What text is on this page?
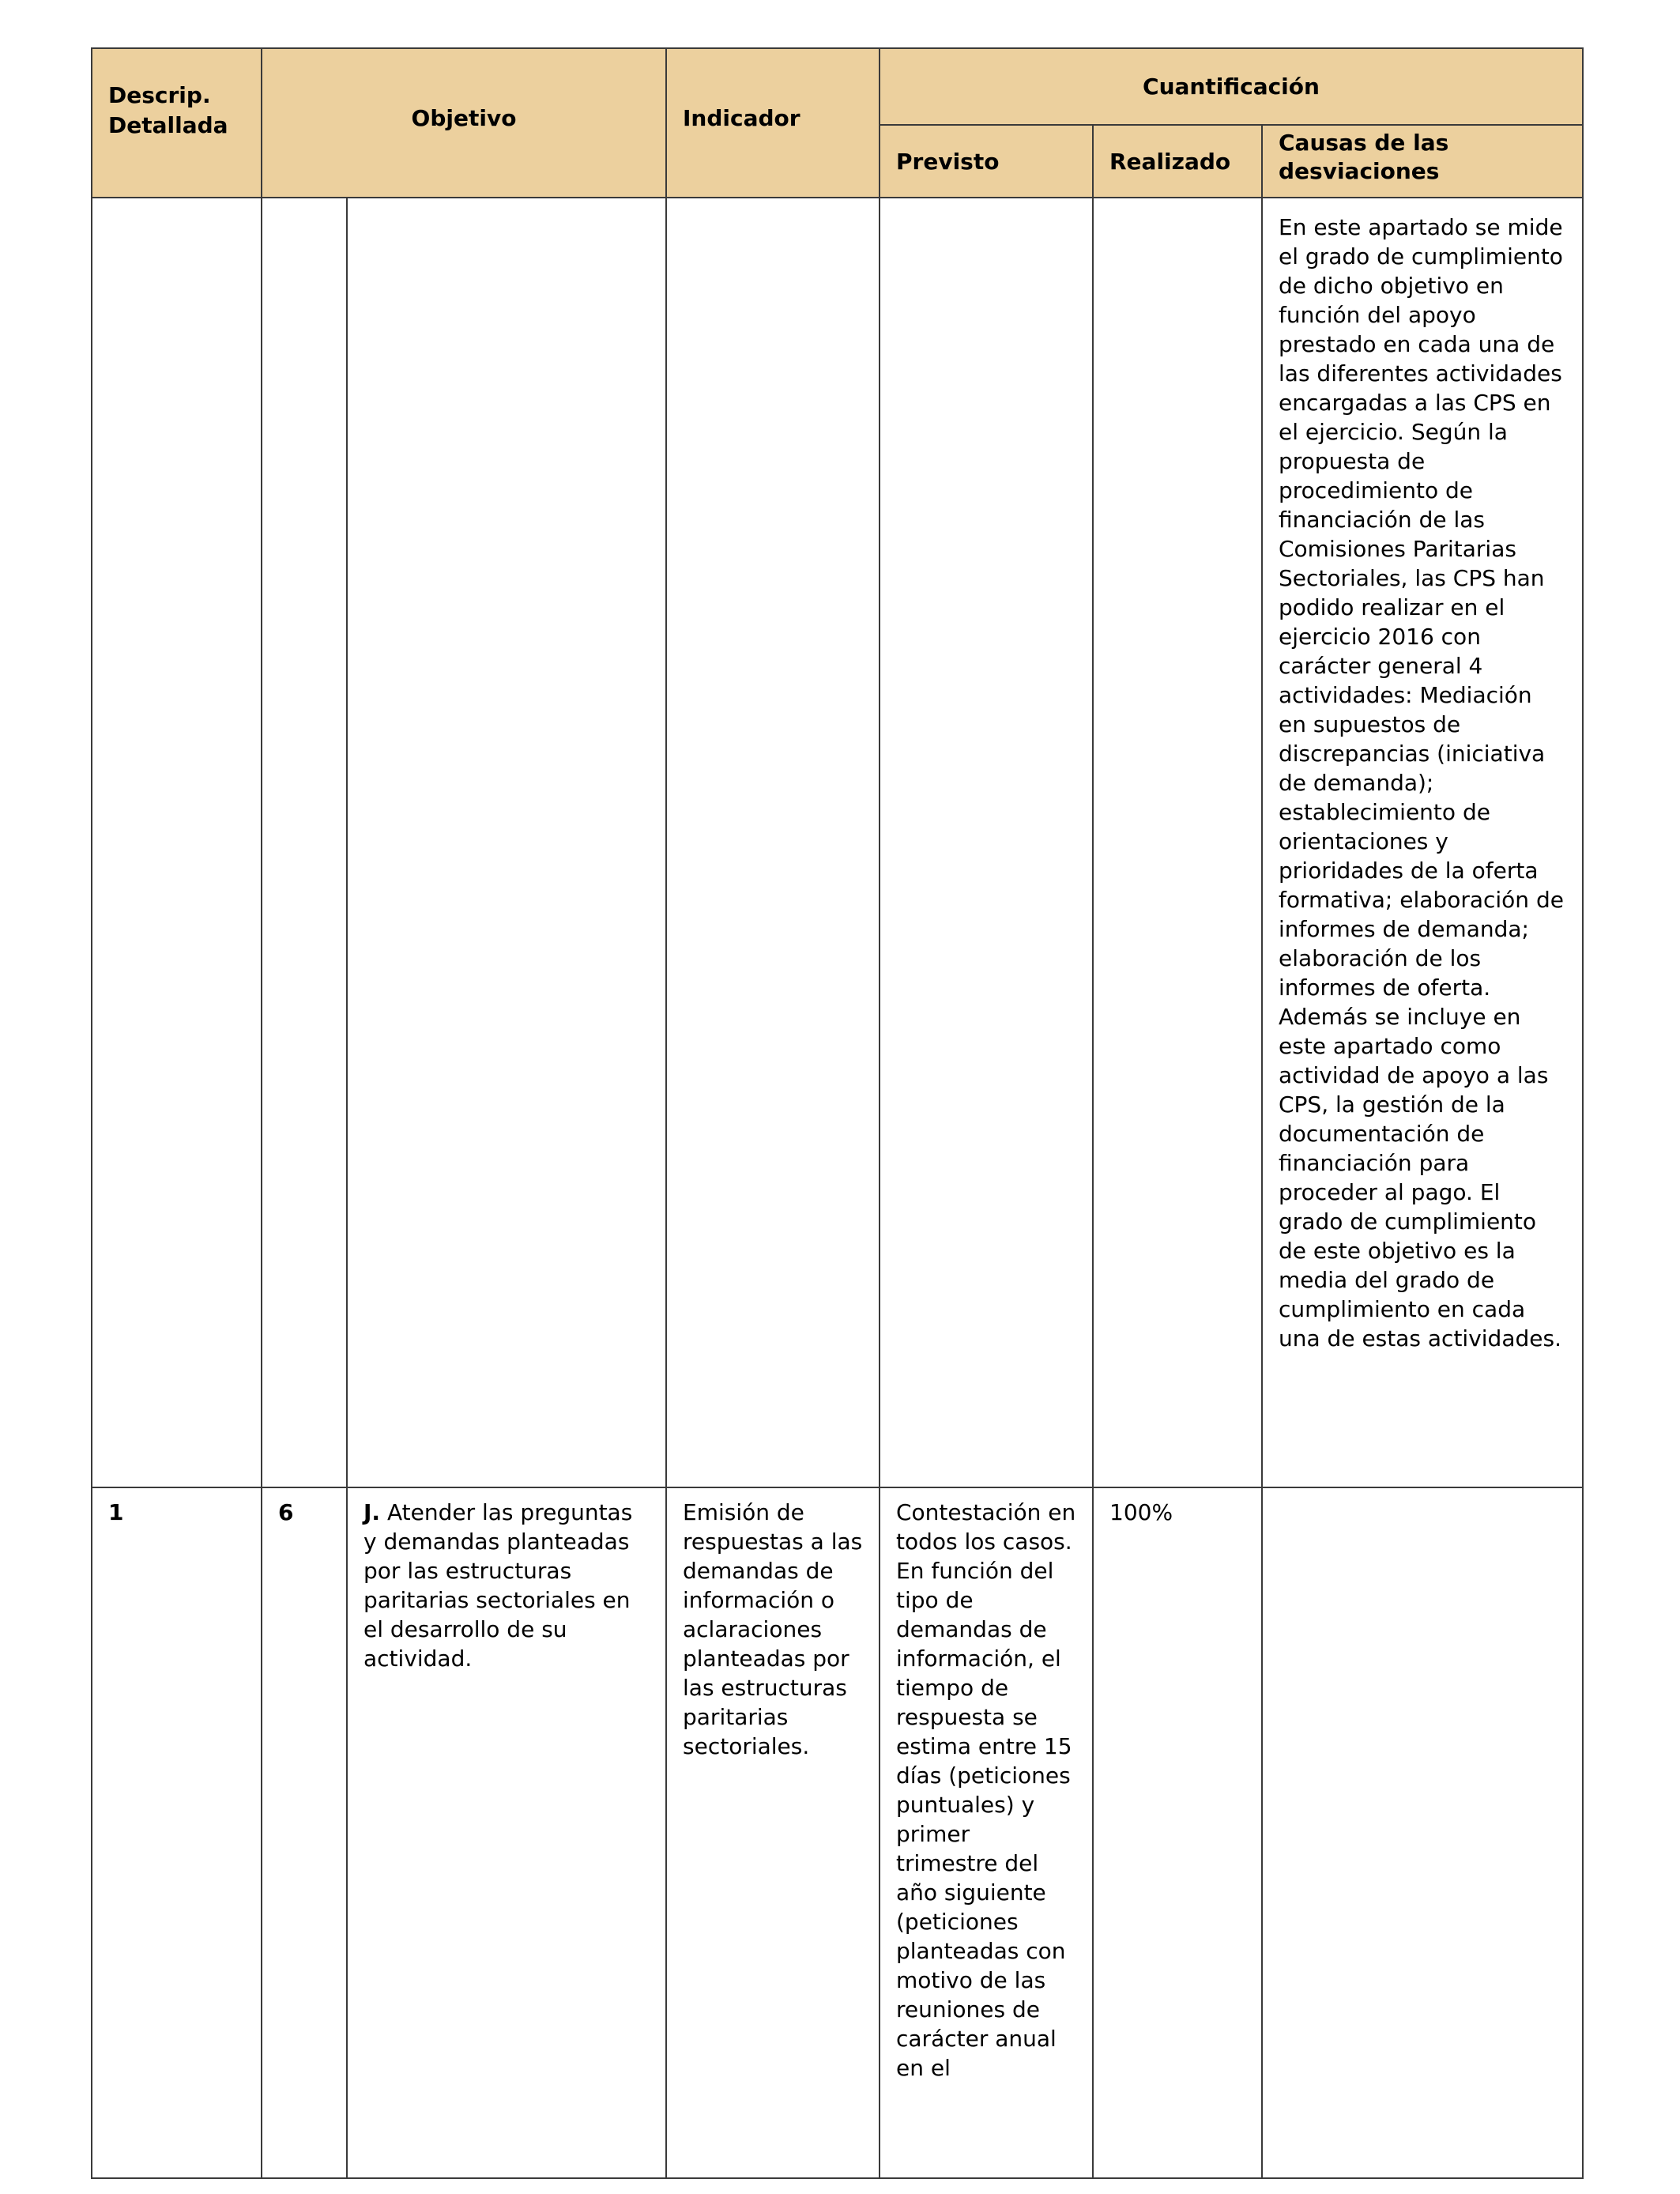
Descrip.
Detallada	Objetivo		Indicador	Cuantificación		
				Previsto	Realizado	Causas de las desviaciones
						En este apartado se mide el grado de cumplimiento de dicho objetivo en función del apoyo prestado en cada una de las diferentes actividades encargadas a las CPS en el ejercicio. Según la propuesta de procedimiento de financiación de las Comisiones Paritarias Sectoriales, las CPS han podido realizar en el ejercicio 2016 con carácter general 4 actividades: Mediación en supuestos de discrepancias (iniciativa de demanda); establecimiento de orientaciones y prioridades de la oferta formativa; elaboración de informes de demanda; elaboración de los informes de oferta. Además se incluye en este apartado como actividad de apoyo a las CPS, la gestión de la documentación de financiación para proceder al pago. El grado de cumplimiento de este objetivo es la media del grado de cumplimiento en cada una de estas actividades.
1	6	J. Atender las preguntas y demandas planteadas por las estructuras paritarias sectoriales en el desarrollo de su actividad.	Emisión de respuestas a las demandas de información o aclaraciones planteadas por las estructuras paritarias sectoriales.	Contestación en todos los casos. En función del tipo de demandas de información, el tiempo de respuesta se estima entre 15 días (peticiones puntuales) y primer trimestre del año siguiente (peticiones planteadas con motivo de las reuniones de carácter anual en el	100%	
